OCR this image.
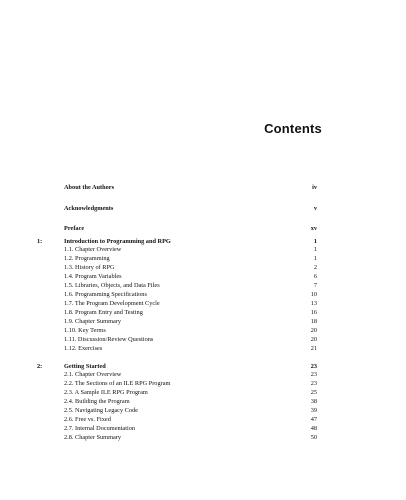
Contents
About the Authors	iv
Acknowledgments	v
Preface	xv
1:	Introduction to Programming and RPG	1
1.1. Chapter Overview	1
1.2. Programming	1
1.3. History of RPG	2
1.4. Program Variables	6
1.5. Libraries, Objects, and Data Files	7
1.6. Programming Specifications	10
1.7. The Program Development Cycle	13
1.8. Program Entry and Testing	16
1.9. Chapter Summary	18
1.10. Key Terms	20
1.11. Discussion/Review Questions	20
1.12. Exercises	21
2:	Getting Started	23
2.1. Chapter Overview	23
2.2. The Sections of an ILE RPG Program	23
2.3. A Sample ILE RPG Program	25
2.4. Building the Program	38
2.5. Navigating Legacy Code	39
2.6. Free vs. Fixed	47
2.7. Internal Documentation	48
2.8. Chapter Summary	50
